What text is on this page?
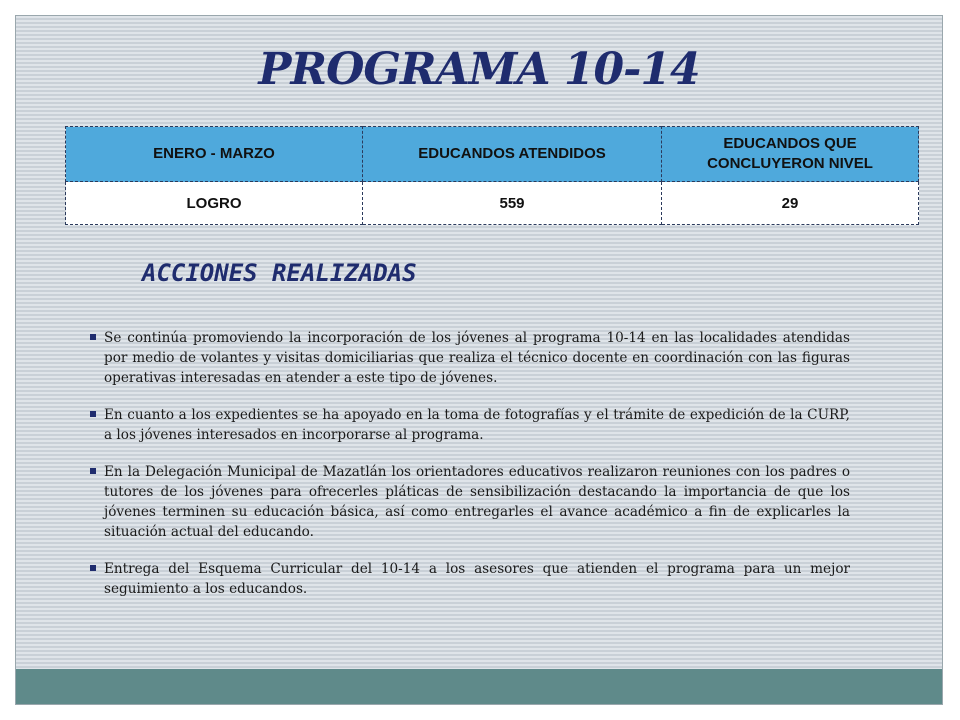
PROGRAMA 10-14
ENERO - MARZO	EDUCANDOS ATENDIDOS	EDUCANDOS QUE CONCLUYERON NIVEL
LOGRO	559	29
ACCIONES REALIZADAS
Se continúa promoviendo la incorporación de los jóvenes al programa 10-14 en las localidades atendidas por medio de volantes y visitas domiciliarias que realiza el técnico docente en coordinación con las figuras operativas interesadas en atender a este tipo de jóvenes.
En cuanto a los expedientes se ha apoyado en la toma de fotografías y el trámite de expedición de la CURP, a los jóvenes interesados en incorporarse al programa.
En la Delegación Municipal de Mazatlán los orientadores educativos realizaron reuniones con los padres o tutores de los jóvenes para ofrecerles pláticas de sensibilización destacando la importancia de que los jóvenes terminen su educación básica, así como entregarles el avance académico a fin de explicarles la situación actual del educando.
Entrega del Esquema Curricular del 10-14 a los asesores que atienden el programa para un mejor seguimiento a los educandos.
